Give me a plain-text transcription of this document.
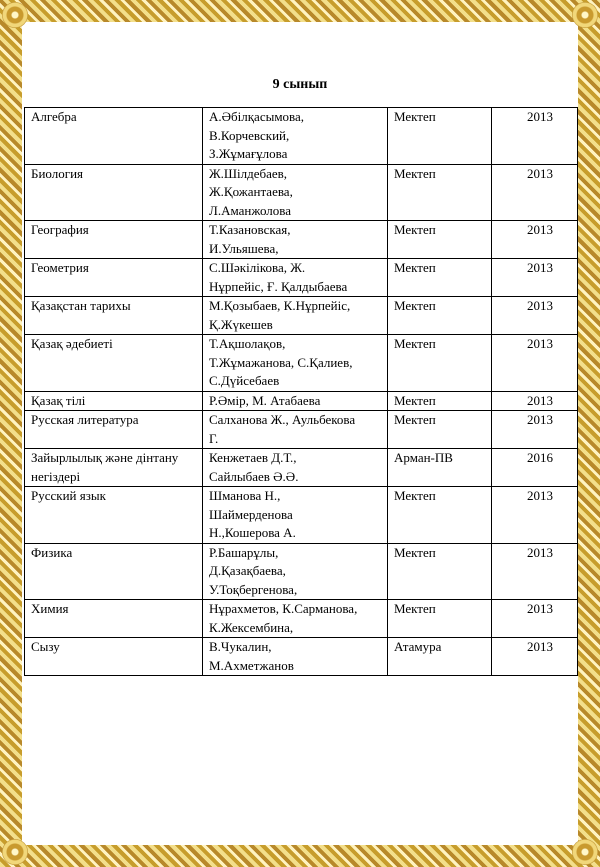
9 сынып
Алгебра	А.Әбілқасымова,
В.Корчевский,
З.Жұмағұлова	Мектеп	2013
Биология	Ж.Шілдебаев,
Ж.Қожантаева,
Л.Аманжолова	Мектеп	2013
География	Т.Казановская,
И.Ульяшева,	Мектеп	2013
Геометрия	С.Шәкілікова, Ж.
Нұрпейіс, Ғ. Қалдыбаева	Мектеп	2013
Қазақстан тарихы	М.Қозыбаев, К.Нұрпейіс,
Қ.Жүкешев	Мектеп	2013
Қазақ әдебиеті	Т.Ақшолақов,
Т.Жұмажанова, С.Қалиев,
С.Дүйсебаев	Мектеп	2013
Қазақ тілі	Р.Әмір, М. Атабаева	Мектеп	2013
Русская литература	Салханова Ж., Аульбекова
Г.	Мектеп	2013
Зайырлылық және дінтану негіздері	Кенжетаев Д.Т.,
Сайлыбаев Ә.Ә.	Арман-ПВ	2016
Русский язык	Шманова Н.,
Шаймерденова
Н.,Кошерова А.	Мектеп	2013
Физика	Р.Башарұлы,
Д.Қазақбаева,
У.Тоқбергенова,	Мектеп	2013
Химия	Нұрахметов, К.Сарманова,
К.Жексембина,	Мектеп	2013
Сызу	В.Чукалин,
М.Ахметжанов	Атамура	2013
